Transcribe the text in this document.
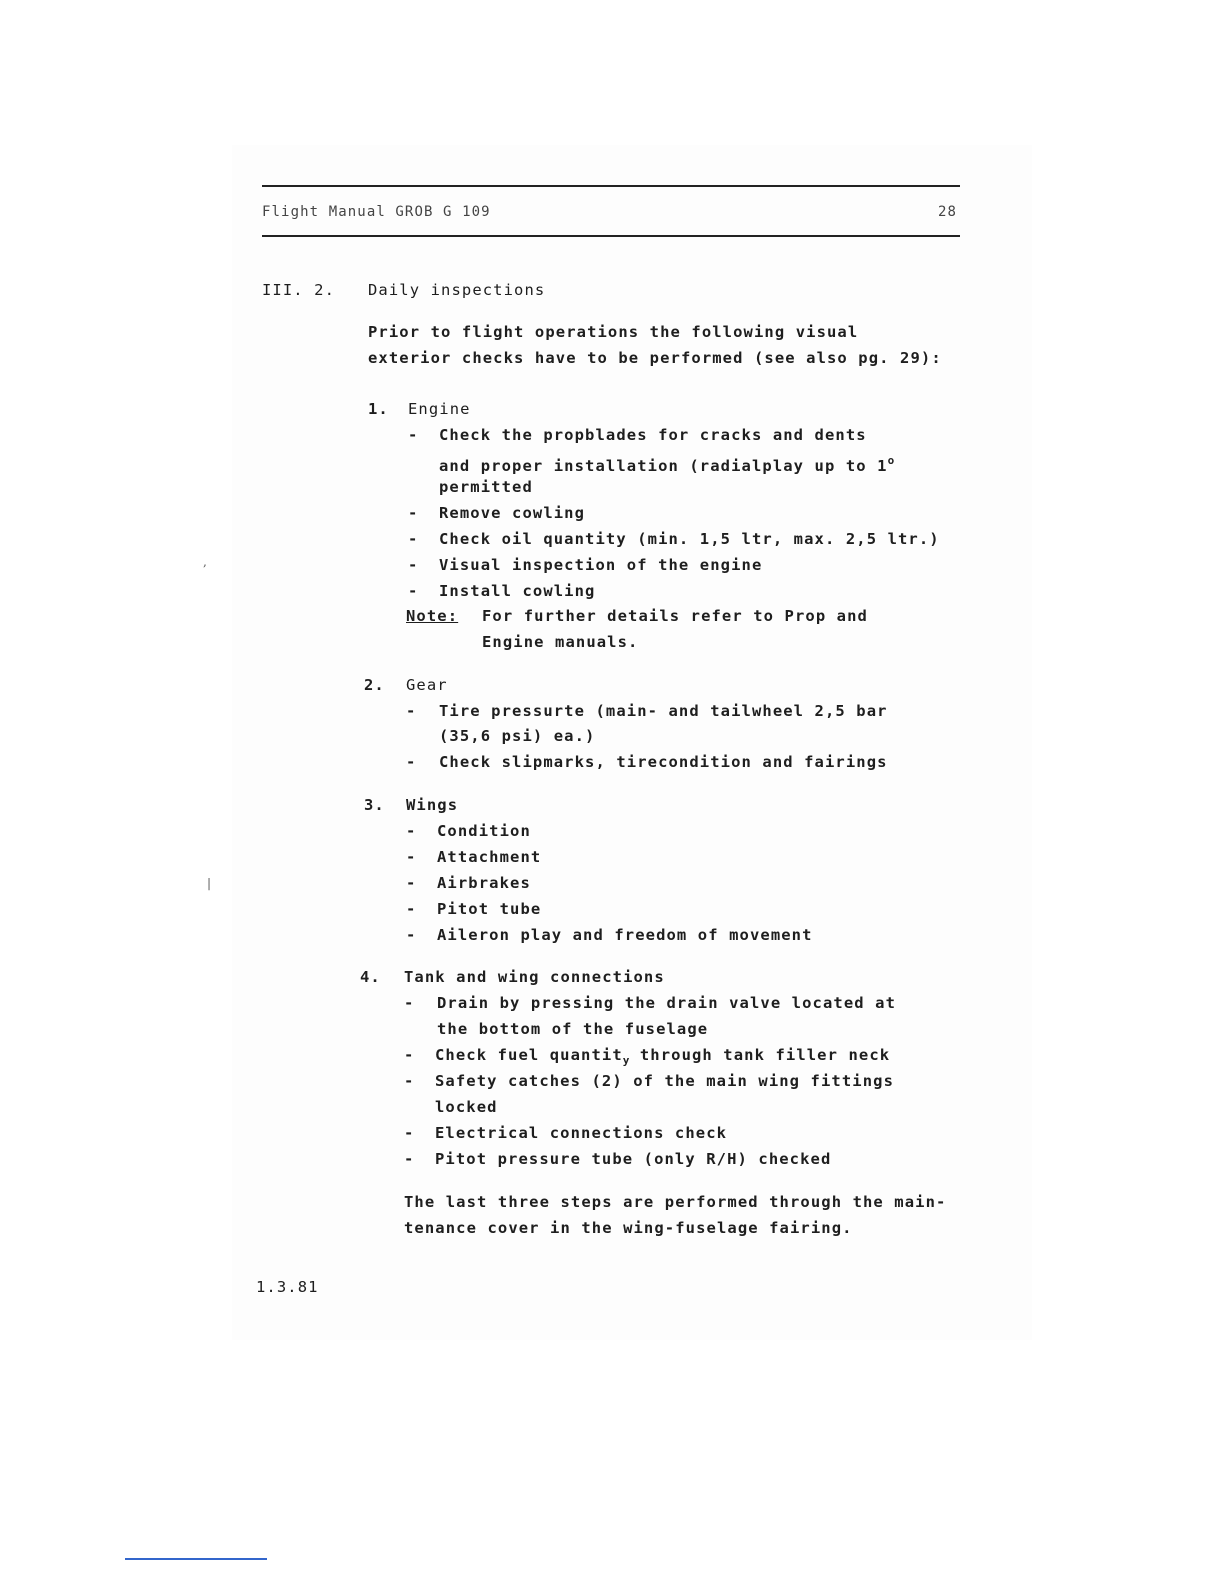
Flight Manual GROB G 109	28
III. 2. Daily inspections
Prior to flight operations the following visual
exterior checks have to be performed (see also pg. 29):
1. Engine
- Check the propblades for cracks and dents
and proper installation (radialplay up to 1$^o$
permitted
- Remove cowling
- Check oil quantity (min. 1,5 ltr, max. 2,5 ltr.)
- Visual inspection of the engine
- Install cowling
Note: For further details refer to Prop and
Engine manuals.
2. Gear
- Tire pressurte (main- and tailwheel 2,5 bar
(35,6 psi) ea.)
- Check slipmarks, tirecondition and fairings
3. Wings
- Condition
- Attachment
- Airbrakes
- Pitot tube
- Aileron play and freedom of movement
4. Tank and wing connections
- Drain by pressing the drain valve located at
the bottom of the fuselage
- Check fuel quantit$_y$ through tank filler neck
- Safety catches (2) of the main wing fittings
locked
- Electrical connections check
- Pitot pressure tube (only R/H) checked
The last three steps are performed through the main-
tenance cover in the wing-fuselage fairing.
1.3.81
,
|
